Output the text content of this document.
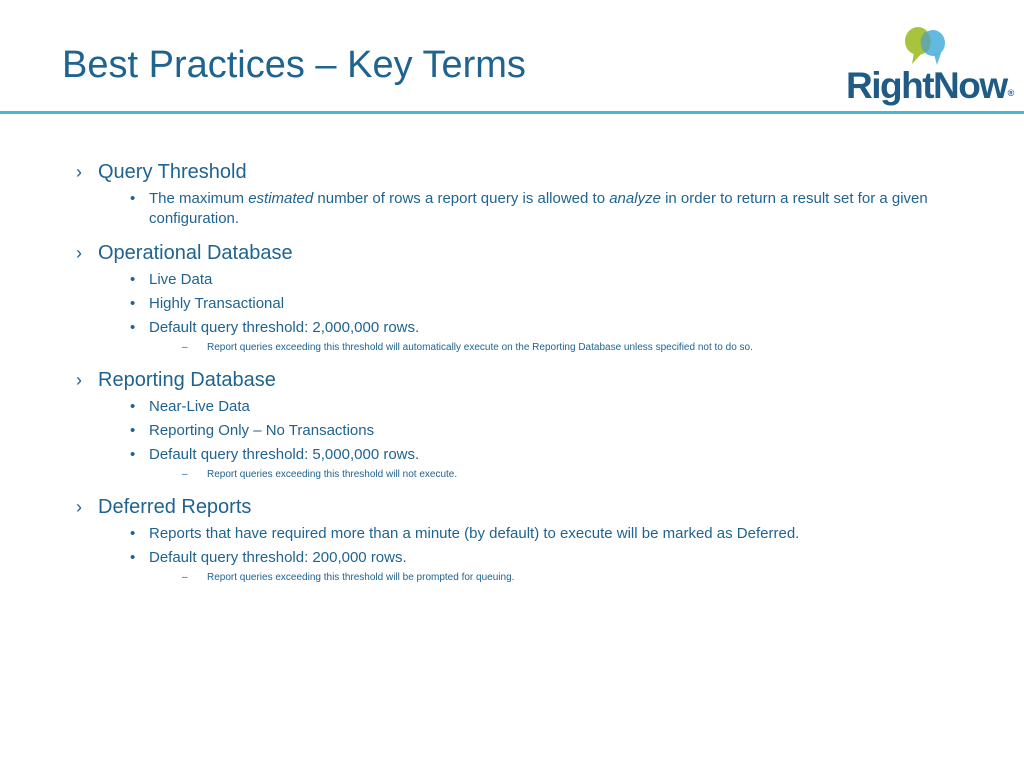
Best Practices – Key Terms	RightNow®
› Query Threshold
• The maximum estimated number of rows a report query is allowed to analyze in order to return a result set for a given configuration.
› Operational Database
• Live Data
• Highly Transactional
• Default query threshold: 2,000,000 rows.
– Report queries exceeding this threshold will automatically execute on the Reporting Database unless specified not to do so.
› Reporting Database
• Near-Live Data
• Reporting Only – No Transactions
• Default query threshold: 5,000,000 rows.
– Report queries exceeding this threshold will not execute.
› Deferred Reports
• Reports that have required more than a minute (by default) to execute will be marked as Deferred.
• Default query threshold: 200,000 rows.
– Report queries exceeding this threshold will be prompted for queuing.
